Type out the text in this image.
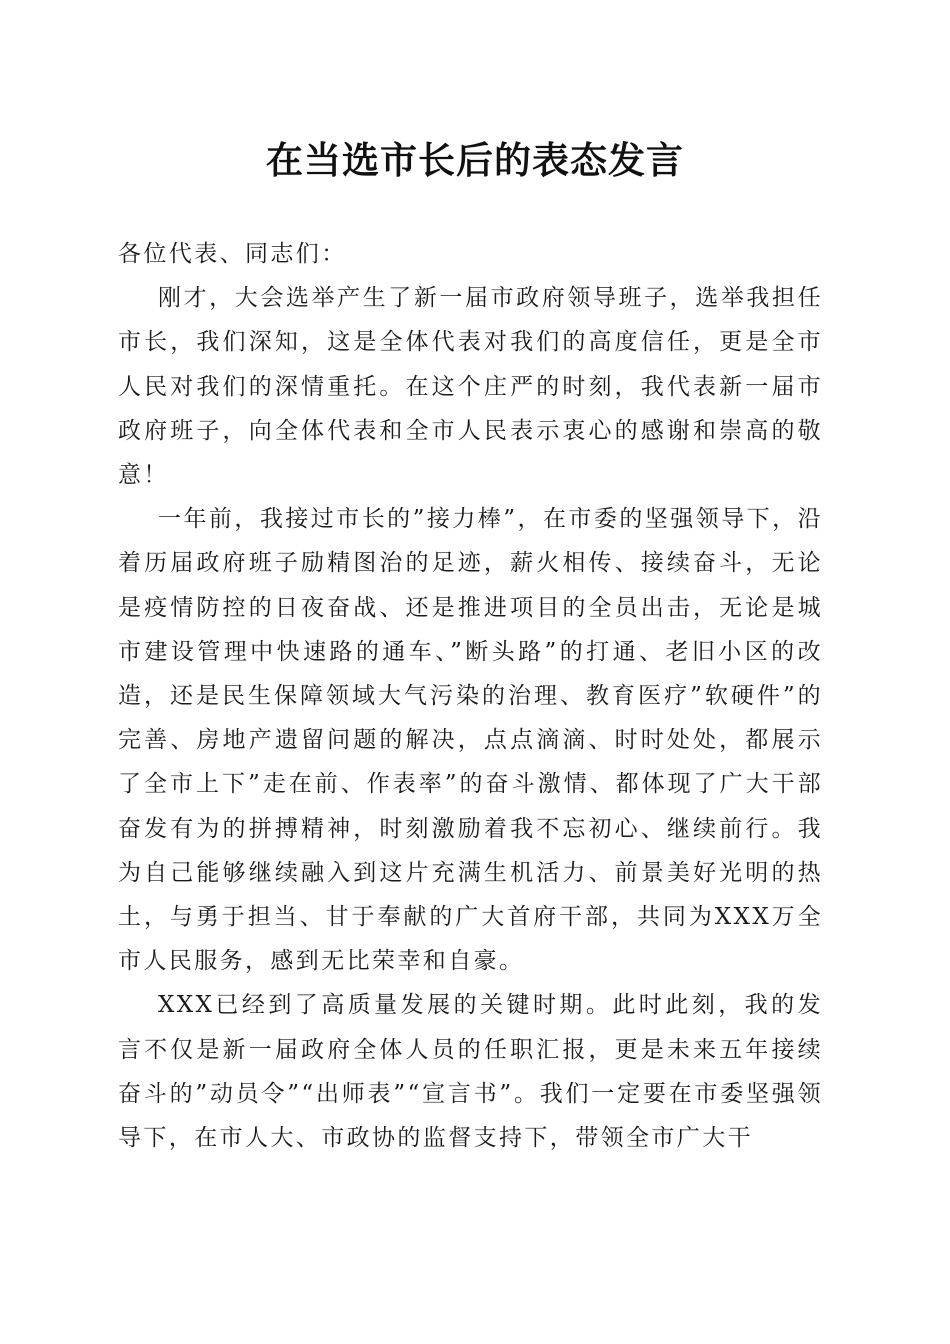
在当选市长后的表态发言

各位代表、同志们：

刚才，大会选举产生了新一届市政府领导班子，选举我担任市长，我们深知，这是全体代表对我们的高度信任，更是全市人民对我们的深情重托。在这个庄严的时刻，我代表新一届市政府班子，向全体代表和全市人民表示衷心的感谢和崇高的敬意！

一年前，我接过市长的”接力棒”，在市委的坚强领导下，沿着历届政府班子励精图治的足迹，薪火相传、接续奋斗，无论是疫情防控的日夜奋战、还是推进项目的全员出击，无论是城市建设管理中快速路的通车、”断头路”的打通、老旧小区的改造，还是民生保障领域大气污染的治理、教育医疗”软硬件”的完善、房地产遗留问题的解决，点点滴滴、时时处处，都展示了全市上下”走在前、作表率”的奋斗激情、都体现了广大干部奋发有为的拼搏精神，时刻激励着我不忘初心、继续前行。我为自己能够继续融入到这片充满生机活力、前景美好光明的热土，与勇于担当、甘于奉献的广大首府干部，共同为XXX万全市人民服务，感到无比荣幸和自豪。

XXX已经到了高质量发展的关键时期。此时此刻，我的发言不仅是新一届政府全体人员的任职汇报，更是未来五年接续奋斗的”动员令”“出师表”“宣言书”。我们一定要在市委坚强领导下，在市人大、市政协的监督支持下，带领全市广大干
